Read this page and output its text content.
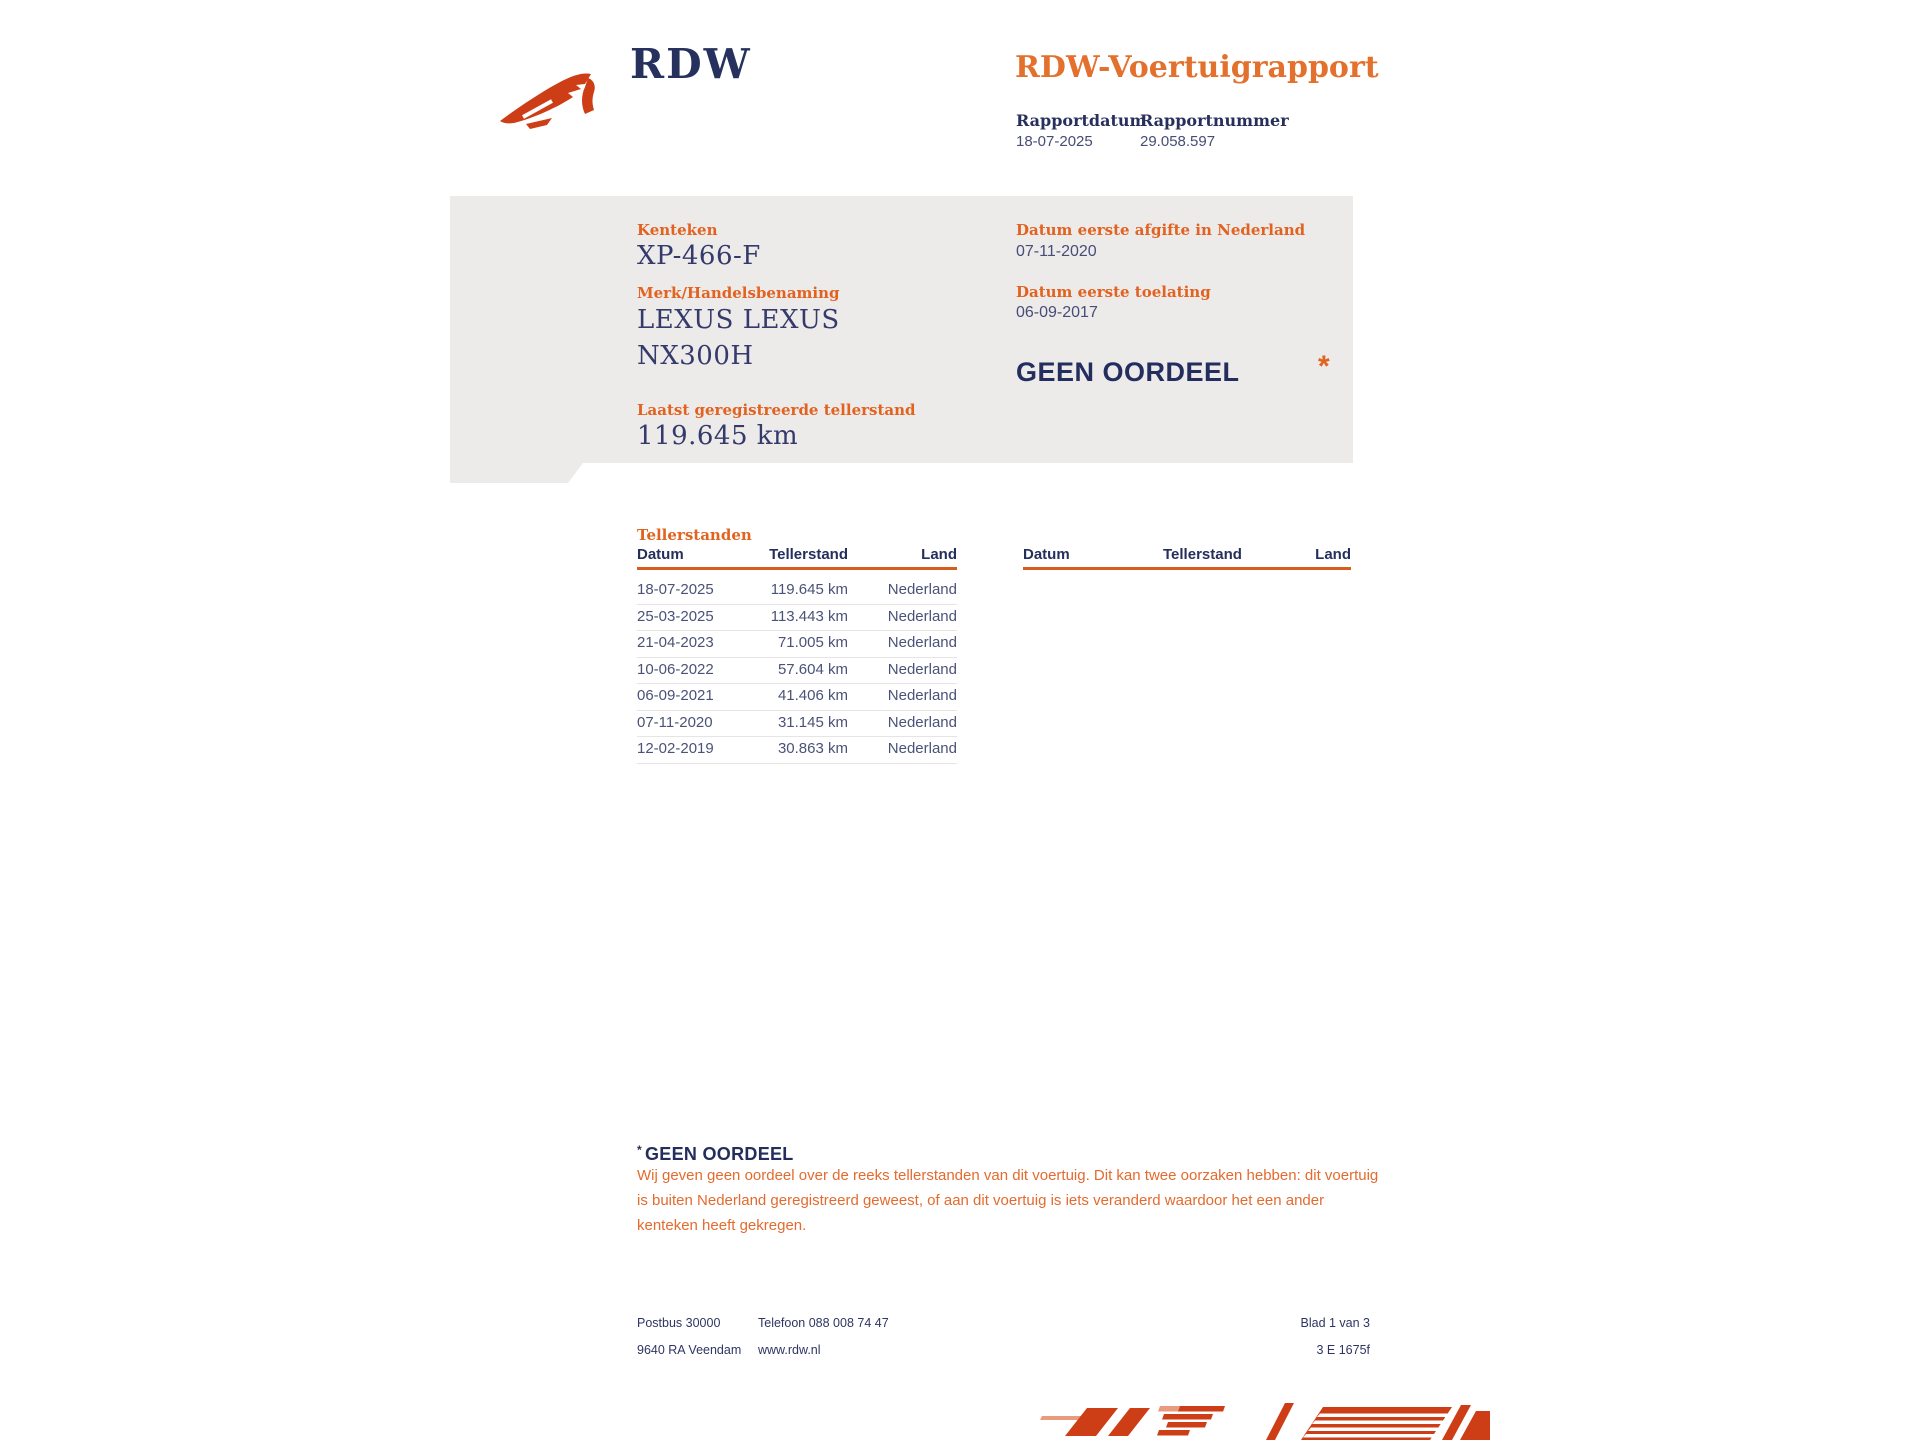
RDW	RDW-Voertuigrapport
Rapportdatum
18-07-2025
Rapportnummer
29.058.597
Kenteken
XP-466-F
Merk/Handelsbenaming
LEXUS LEXUS
NX300H
Laatst geregistreerde tellerstand
119.645 km
Datum eerste afgifte in Nederland
07-11-2020
Datum eerste toelating
06-09-2017
GEEN OORDEEL	*
Tellerstanden
Datum	Tellerstand	Land
18-07-2025	119.645 km	Nederland
25-03-2025	113.443 km	Nederland
21-04-2023	71.005 km	Nederland
10-06-2022	57.604 km	Nederland
06-09-2021	41.406 km	Nederland
07-11-2020	31.145 km	Nederland
12-02-2019	30.863 km	Nederland
Datum	Tellerstand	Land
* GEEN OORDEEL
Wij geven geen oordeel over de reeks tellerstanden van dit voertuig. Dit kan twee oorzaken hebben: dit voertuig is buiten Nederland geregistreerd geweest, of aan dit voertuig is iets veranderd waardoor het een ander kenteken heeft gekregen.
Postbus 30000
9640 RA Veendam
Telefoon 088 008 74 47
www.rdw.nl
Blad 1 van 3
3 E 1675f
